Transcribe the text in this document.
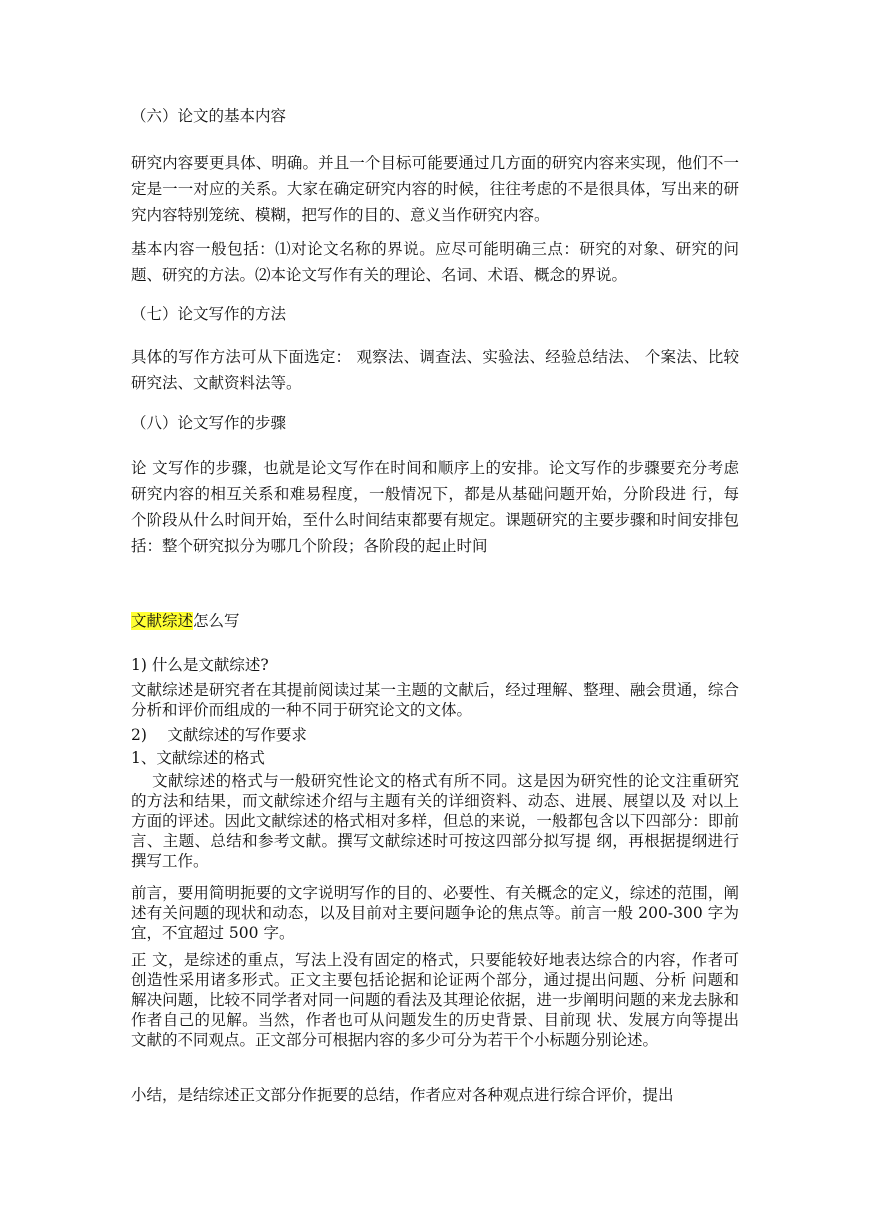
（六）论文的基本内容

研究内容要更具体、明确。并且一个目标可能要通过几方面的研究内容来实现，他们不一定是一一对应的关系。大家在确定研究内容的时候，往往考虑的不是很具体，写出来的研究内容特别笼统、模糊，把写作的目的、意义当作研究内容。

基本内容一般包括：⑴对论文名称的界说。应尽可能明确三点：研究的对象、研究的问题、研究的方法。⑵本论文写作有关的理论、名词、术语、概念的界说。

（七）论文写作的方法

具体的写作方法可从下面选定： 观察法、调查法、实验法、经验总结法、 个案法、比较研究法、文献资料法等。

（八）论文写作的步骤

论 文写作的步骤，也就是论文写作在时间和顺序上的安排。论文写作的步骤要充分考虑研究内容的相互关系和难易程度，一般情况下，都是从基础问题开始，分阶段进 行，每个阶段从什么时间开始，至什么时间结束都要有规定。课题研究的主要步骤和时间安排包括：整个研究拟分为哪几个阶段；各阶段的起止时间

文献综述怎么写

1) 什么是文献综述?

文献综述是研究者在其提前阅读过某一主题的文献后，经过理解、整理、融会贯通，综合分析和评价而组成的一种不同于研究论文的文体。

2)　 文献综述的写作要求

1、文献综述的格式

　 文献综述的格式与一般研究性论文的格式有所不同。这是因为研究性的论文注重研究的方法和结果，而文献综述介绍与主题有关的详细资料、动态、进展、展望以及 对以上方面的评述。因此文献综述的格式相对多样，但总的来说，一般都包含以下四部分：即前言、主题、总结和参考文献。撰写文献综述时可按这四部分拟写提 纲，再根据提纲进行撰写工作。

前言，要用简明扼要的文字说明写作的目的、必要性、有关概念的定义，综述的范围，阐述有关问题的现状和动态，以及目前对主要问题争论的焦点等。前言一般 200-300 字为宜，不宜超过 500 字。

正 文，是综述的重点，写法上没有固定的格式，只要能较好地表达综合的内容，作者可创造性采用诸多形式。正文主要包括论据和论证两个部分，通过提出问题、分析 问题和解决问题，比较不同学者对同一问题的看法及其理论依据，进一步阐明问题的来龙去脉和作者自己的见解。当然，作者也可从问题发生的历史背景、目前现 状、发展方向等提出文献的不同观点。正文部分可根据内容的多少可分为若干个小标题分别论述。

小结，是结综述正文部分作扼要的总结，作者应对各种观点进行综合评价，提出
